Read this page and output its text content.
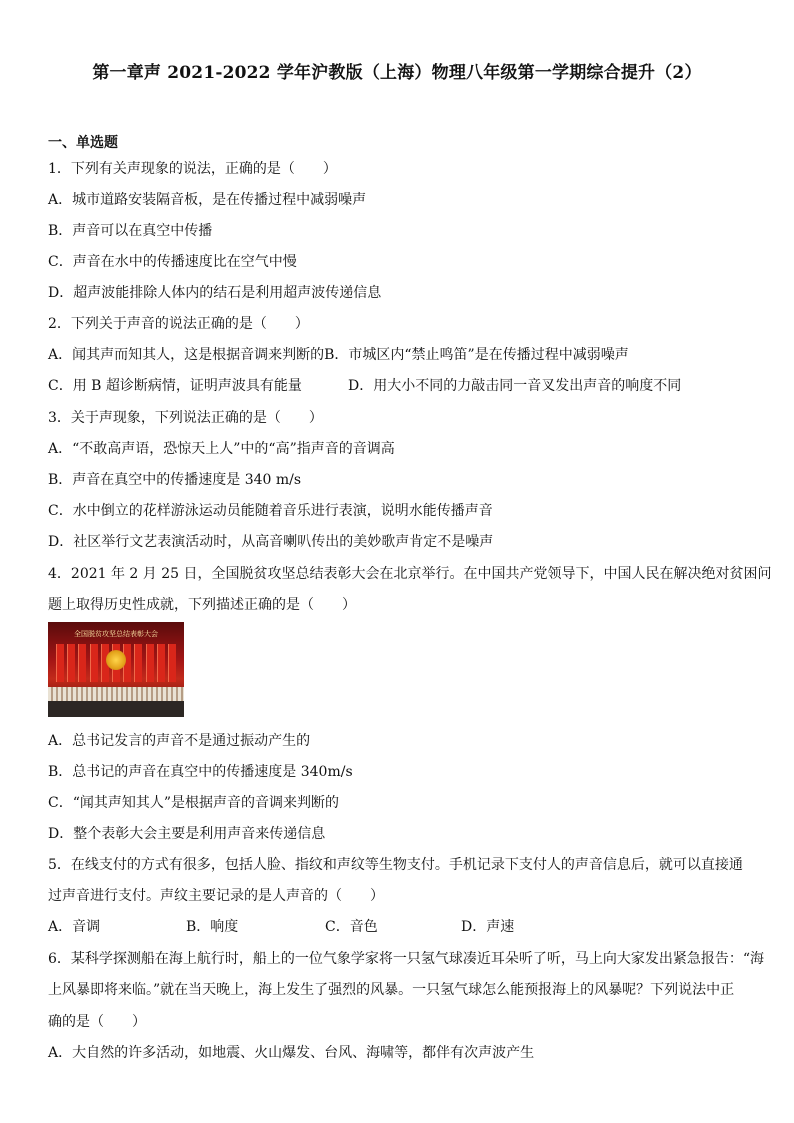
第一章声 2021-2022 学年沪教版（上海）物理八年级第一学期综合提升（2）
一、单选题
1．下列有关声现象的说法，正确的是（　　）
A．城市道路安装隔音板，是在传播过程中减弱噪声
B．声音可以在真空中传播
C．声音在水中的传播速度比在空气中慢
D．超声波能排除人体内的结石是利用超声波传递信息
2．下列关于声音的说法正确的是（　　）
A．闻其声而知其人，这是根据音调来判断的B．市城区内“禁止鸣笛”是在传播过程中减弱噪声
C．用 B 超诊断病情，证明声波具有能量	D．用大小不同的力敲击同一音叉发出声音的响度不同
3．关于声现象，下列说法正确的是（　　）
A．“不敢高声语，恐惊天上人”中的“高”指声音的音调高
B．声音在真空中的传播速度是 340 m/s
C．水中倒立的花样游泳运动员能随着音乐进行表演，说明水能传播声音
D．社区举行文艺表演活动时，从高音喇叭传出的美妙歌声肯定不是噪声
4．2021 年 2 月 25 日，全国脱贫攻坚总结表彰大会在北京举行。在中国共产党领导下，中国人民在解决绝对贫困问
题上取得历史性成就，下列描述正确的是（　　）
全国脱贫攻坚总结表彰大会
A．总书记发言的声音不是通过振动产生的
B．总书记的声音在真空中的传播速度是 340m/s
C．“闻其声知其人”是根据声音的音调来判断的
D．整个表彰大会主要是利用声音来传递信息
5．在线支付的方式有很多，包括人脸、指纹和声纹等生物支付。手机记录下支付人的声音信息后，就可以直接通
过声音进行支付。声纹主要记录的是人声音的（　　）
A．音调	B．响度	C．音色	D．声速
6．某科学探测船在海上航行时，船上的一位气象学家将一只氢气球凑近耳朵听了听，马上向大家发出紧急报告：“海
上风暴即将来临。”就在当天晚上，海上发生了强烈的风暴。一只氢气球怎么能预报海上的风暴呢？下列说法中正
确的是（　　）
A．大自然的许多活动，如地震、火山爆发、台风、海啸等，都伴有次声波产生
